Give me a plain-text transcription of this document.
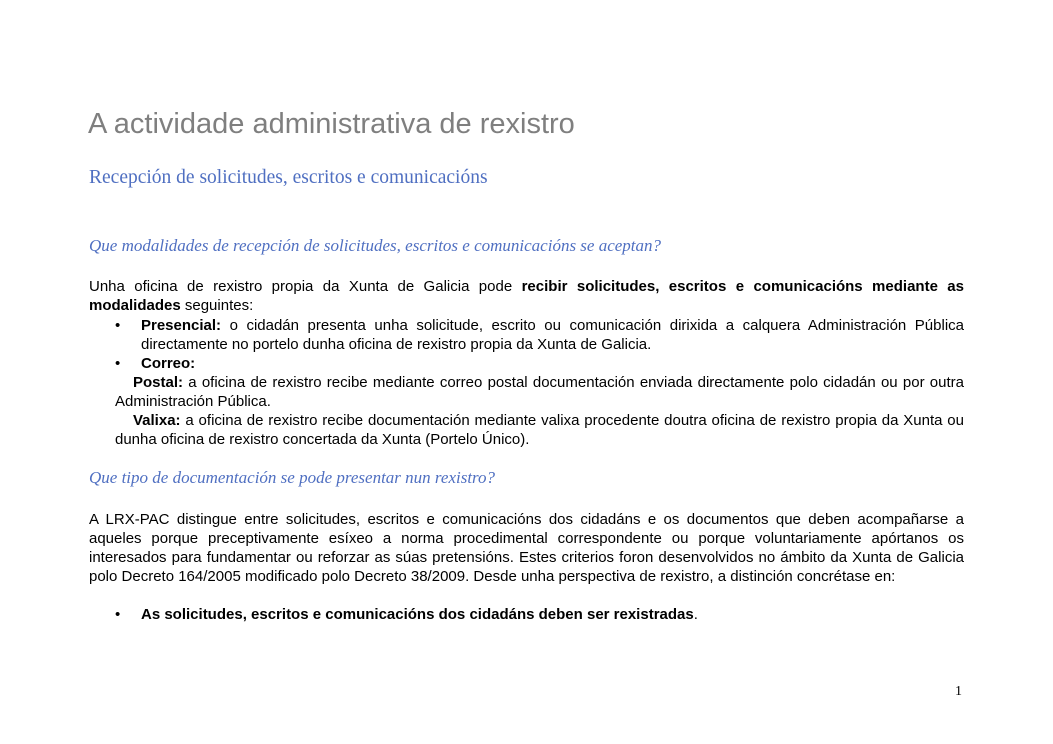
A actividade administrativa de rexistro
Recepción de solicitudes, escritos e comunicacións
Que modalidades de recepción de solicitudes, escritos e comunicacións se aceptan?

Unha oficina de rexistro propia da Xunta de Galicia pode recibir solicitudes, escritos e comunicacións mediante as modalidades seguintes:

• Presencial: o cidadán presenta unha solicitude, escrito ou comunicación dirixida a calquera Administración Pública directamente no portelo dunha oficina de rexistro propia da Xunta de Galicia.

• Correo:

Postal: a oficina de rexistro recibe mediante correo postal documentación enviada directamente polo cidadán ou por outra Administración Pública.

Valixa: a oficina de rexistro recibe documentación mediante valixa procedente doutra oficina de rexistro propia da Xunta ou dunha oficina de rexistro concertada da Xunta (Portelo Único).

Que tipo de documentación se pode presentar nun rexistro?

A LRX-PAC distingue entre solicitudes, escritos e comunicacións dos cidadáns e os documentos que deben acompañarse a aqueles porque preceptivamente esíxeo a norma procedimental correspondente ou porque voluntariamente apórtanos os interesados para fundamentar ou reforzar as súas pretensións. Estes criterios foron desenvolvidos no ámbito da Xunta de Galicia polo Decreto 164/2005 modificado polo Decreto 38/2009. Desde unha perspectiva de rexistro, a distinción concrétase en:

• As solicitudes, escritos e comunicacións dos cidadáns deben ser rexistradas.

1
